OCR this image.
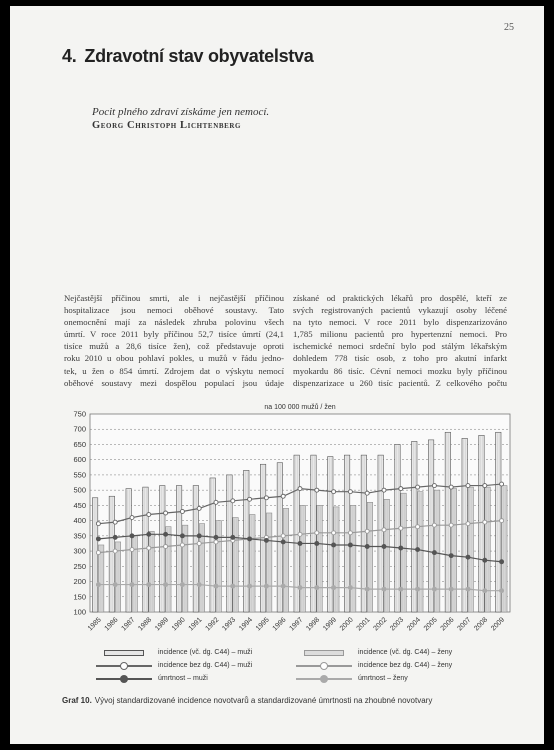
25
4. Zdravotní stav obyvatelstva
Pocit plného zdraví získáme jen nemocí.
Georg Christoph Lichtenberg
Nejčastější příčinou smrti, ale i nejčastější příčinou
hospitalizace jsou nemoci oběhové soustavy. Tato
onemocnění mají za následek zhruba polovinu všech
úmrtí. V roce 2011 byly příčinou 52,7 tisíce úmrtí (24,1
tisíce mužů a 28,6 tisíce žen), což představuje oproti
roku 2010 u obou pohlaví pokles, u mužů v řádu jedno-
tek, u žen o 854 úmrtí. Zdrojem dat o výskytu nemocí
oběhové soustavy mezi dospělou populací jsou údaje
získané od praktických lékařů pro dospělé, kteří ze
svých registrovaných pacientů vykazují osoby léčené
na tyto nemoci. V roce 2011 bylo dispenzarizováno
1,785 milionu pacientů pro hypertenzní nemoci. Pro
ischemické nemoci srdeční bylo pod stálým lékařským
dohledem 778 tisíc osob, z toho pro akutní infarkt
myokardu 86 tisíc. Cévní nemoci mozku byly příčinou
dispenzarizace u 260 tisíc pacientů. Z celkového počtu
na 100 000 mužů / žen
100
150
200
250
300
350
400
450
500
550
600
650
700
750
1985 1986 1987 1988 1989 1990 1991 1992 1993 1994 1995 1996 1997 1998 1999 2000 2001 2002 2003 2004 2005 2006 2007 2008 2009
incidence (vč. dg. C44) – muži	incidence (vč. dg. C44) – ženy
incidence bez dg. C44) – muži	incidence bez dg. C44) – ženy
úmrtnost – muži	úmrtnost – ženy
Graf 10. Vývoj standardizované incidence novotvarů a standardizované úmrtnosti na zhoubné novotvary
